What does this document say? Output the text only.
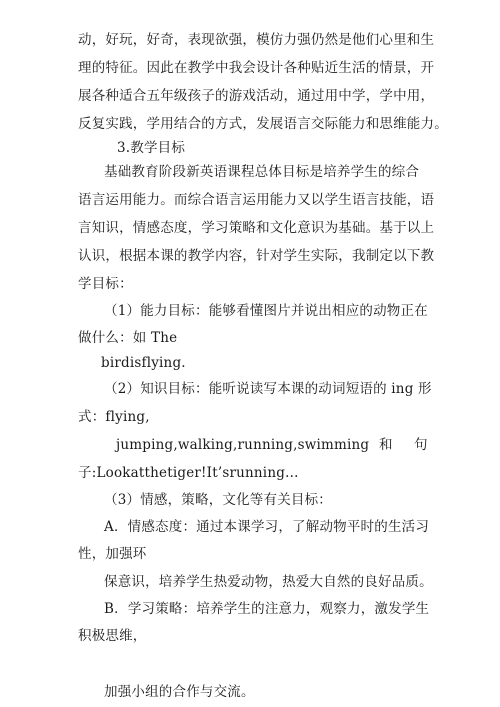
动，好玩，好奇，表现欲强，模仿力强仍然是他们心里和生
理的特征。因此在教学中我会设计各种贴近生活的情景，开
展各种适合五年级孩子的游戏活动，通过用中学，学中用，
反复实践，学用结合的方式，发展语言交际能力和思维能力。
3.教学目标
基础教育阶段新英语课程总体目标是培养学生的综合
语言运用能力。而综合语言运用能力又以学生语言技能，语
言知识，情感态度，学习策略和文化意识为基础。基于以上
认识，根据本课的教学内容，针对学生实际，我制定以下教
学目标：
（1）能力目标：能够看懂图片并说出相应的动物正在
做什么：如 The
birdisflying.
（2）知识目标：能听说读写本课的动词短语的 ing 形
式：flying,
jumping,walking,running,swimming 和 句
子:Lookatthetiger!It’srunning…
（3）情感，策略，文化等有关目标：
A．情感态度：通过本课学习，了解动物平时的生活习
性，加强环
保意识，培养学生热爱动物，热爱大自然的良好品质。
B．学习策略：培养学生的注意力，观察力，激发学生
积极思维，
加强小组的合作与交流。
